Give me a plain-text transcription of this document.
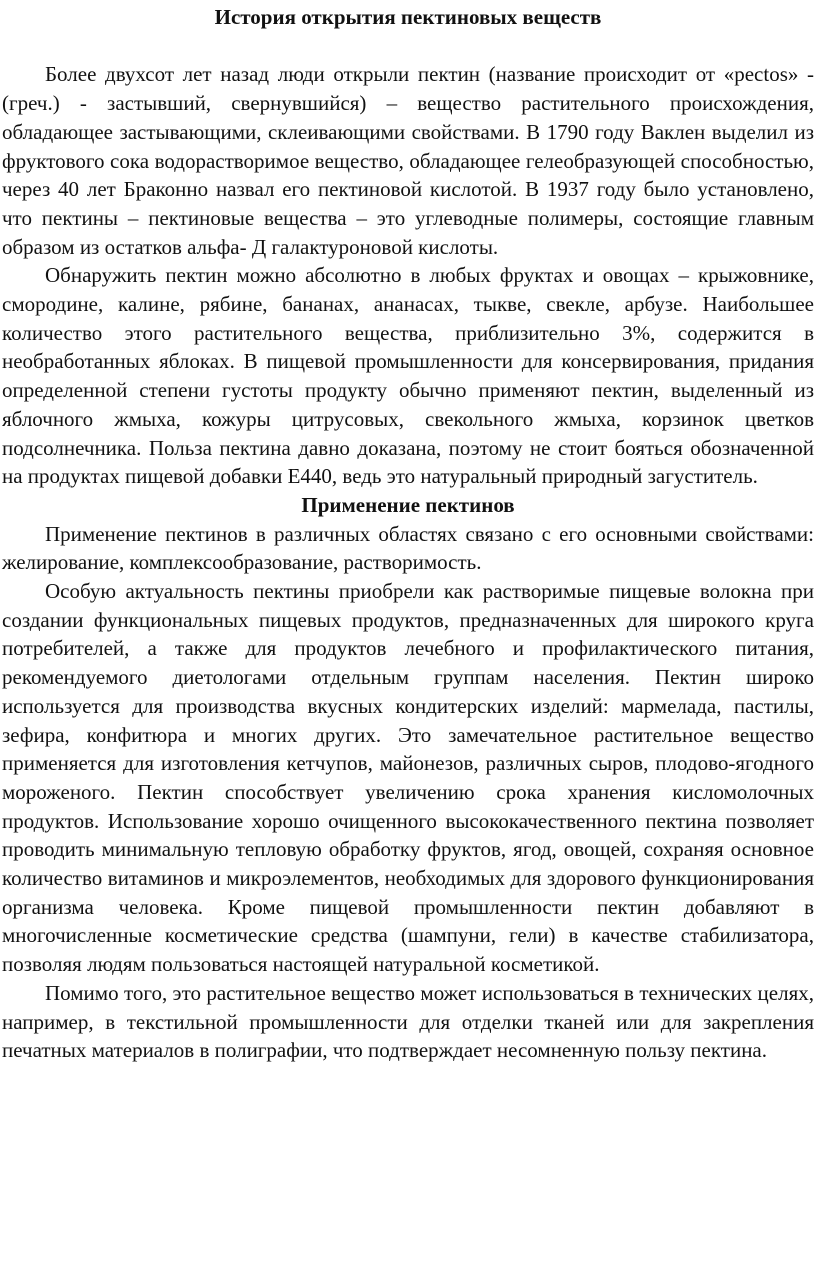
История открытия пектиновых веществ

Более двухсот лет назад люди открыли пектин (название происходит от «pectos» - (греч.) - застывший, свернувшийся) – вещество растительного происхождения, обладающее застывающими, склеивающими свойствами. В 1790 году Ваклен выделил из фруктового сока водорастворимое вещество, обладающее гелеобразующей способностью, через 40 лет Браконно назвал его пектиновой кислотой. В 1937 году было установлено, что пектины – пектиновые вещества – это углеводные полимеры, состоящие главным образом из остатков альфа- Д галактуроновой кислоты.

Обнаружить пектин можно абсолютно в любых фруктах и овощах – крыжовнике, смородине, калине, рябине, бананах, ананасах, тыкве, свекле, арбузе. Наибольшее количество этого растительного вещества, приблизительно 3%, содержится в необработанных яблоках. В пищевой промышленности для консервирования, придания определенной степени густоты продукту обычно применяют пектин, выделенный из яблочного жмыха, кожуры цитрусовых, свекольного жмыха, корзинок цветков подсолнечника. Польза пектина давно доказана, поэтому не стоит бояться обозначенной на продуктах пищевой добавки Е440, ведь это натуральный природный загуститель.

Применение пектинов

Применение пектинов в различных областях связано с его основными свойствами: желирование, комплексообразование, растворимость.

Особую актуальность пектины приобрели как растворимые пищевые волокна при создании функциональных пищевых продуктов, предназначенных для широкого круга потребителей, а также для продуктов лечебного и профилактического питания, рекомендуемого диетологами отдельным группам населения. Пектин широко используется для производства вкусных кондитерских изделий: мармелада, пастилы, зефира, конфитюра и многих других. Это замечательное растительное вещество применяется для изготовления кетчупов, майонезов, различных сыров, плодово-ягодного мороженого. Пектин способствует увеличению срока хранения кисломолочных продуктов. Использование хорошо очищенного высококачественного пектина позволяет проводить минимальную тепловую обработку фруктов, ягод, овощей, сохраняя основное количество витаминов и микроэлементов, необходимых для здорового функционирования организма человека. Кроме пищевой промышленности пектин добавляют в многочисленные косметические средства (шампуни, гели) в качестве стабилизатора, позволяя людям пользоваться настоящей натуральной косметикой.

Помимо того, это растительное вещество может использоваться в технических целях, например, в текстильной промышленности для отделки тканей или для закрепления печатных материалов в полиграфии, что подтверждает несомненную пользу пектина.
